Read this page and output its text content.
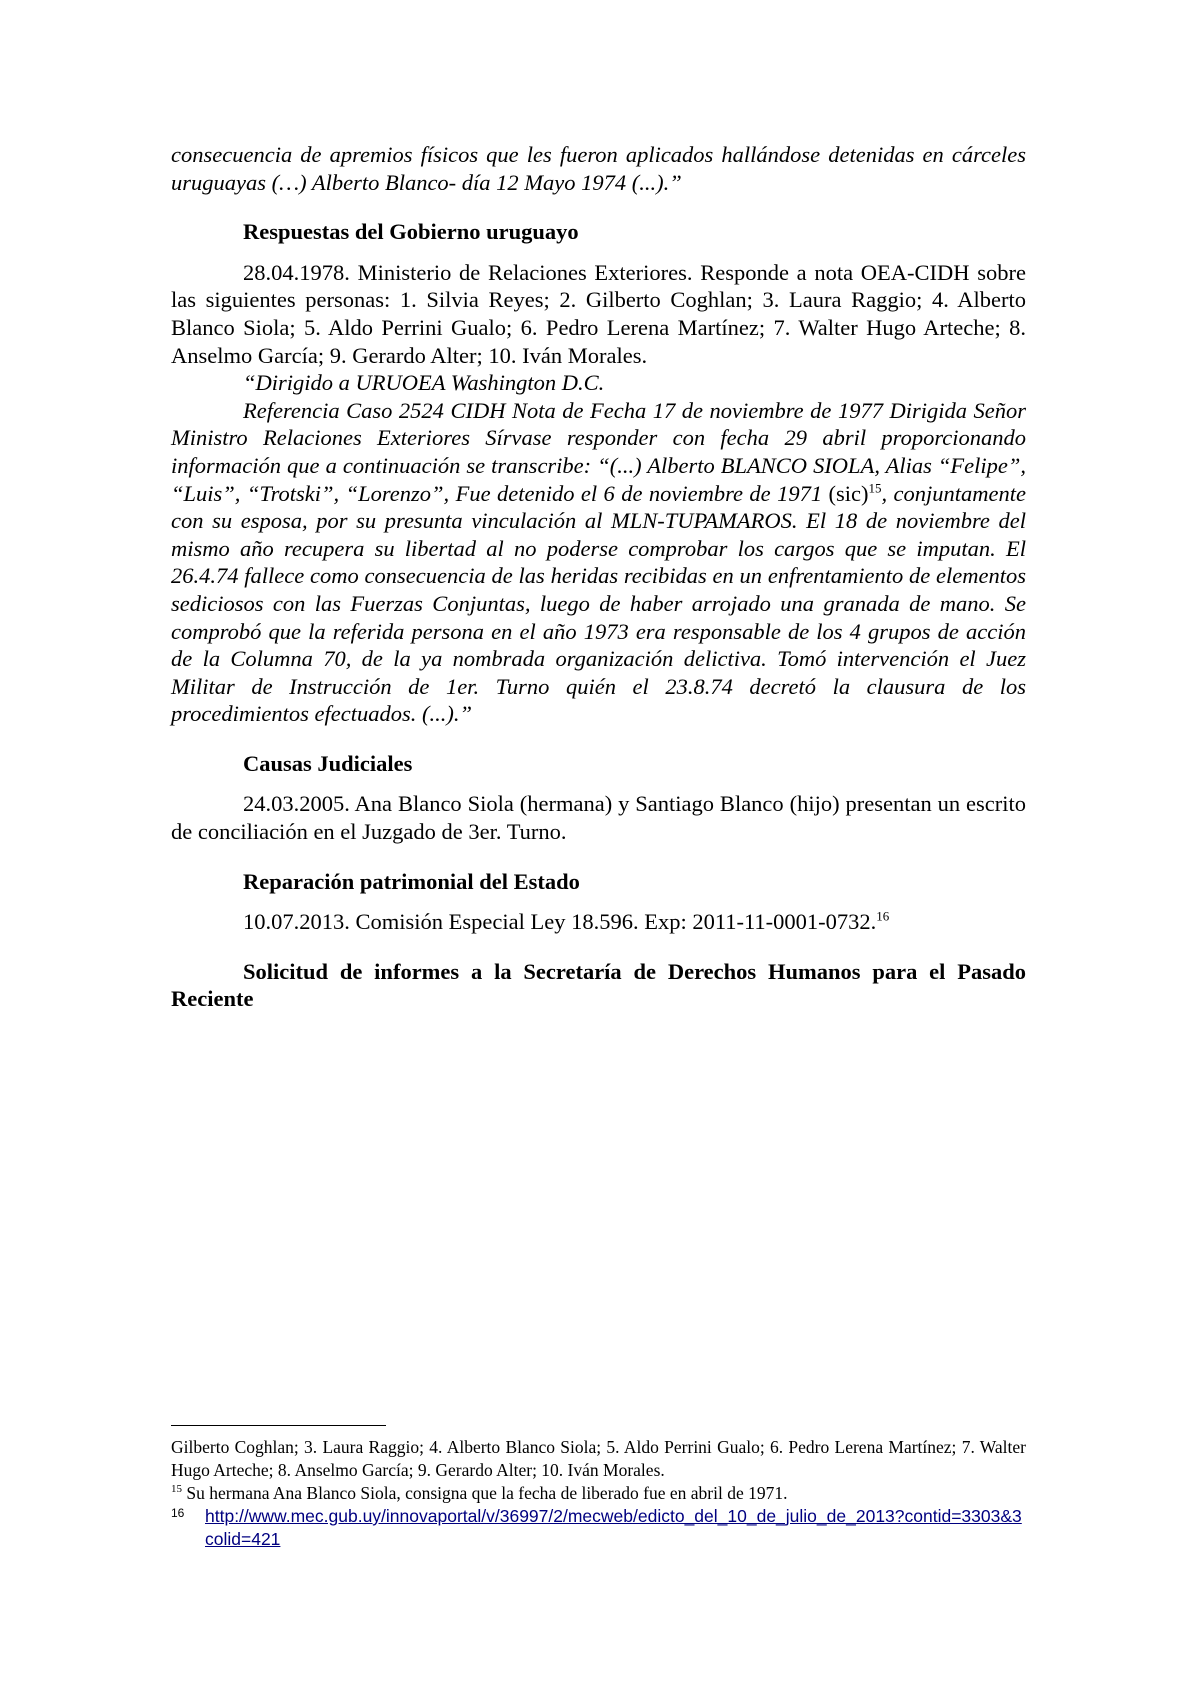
consecuencia de apremios físicos que les fueron aplicados hallándose detenidas en cárceles uruguayas (…) Alberto Blanco- día 12 Mayo 1974 (...).”

Respuestas del Gobierno uruguayo

28.04.1978. Ministerio de Relaciones Exteriores. Responde a nota OEA-CIDH sobre las siguientes personas: 1. Silvia Reyes; 2. Gilberto Coghlan; 3. Laura Raggio; 4. Alberto Blanco Siola; 5. Aldo Perrini Gualo; 6. Pedro Lerena Martínez; 7. Walter Hugo Arteche; 8. Anselmo García; 9. Gerardo Alter; 10. Iván Morales.

“Dirigido a URUOEA Washington D.C.

Referencia Caso 2524 CIDH Nota de Fecha 17 de noviembre de 1977 Dirigida Señor Ministro Relaciones Exteriores Sírvase responder con fecha 29 abril proporcionando información que a continuación se transcribe: “(...) Alberto BLANCO SIOLA, Alias “Felipe”, “Luis”, “Trotski”, “Lorenzo”, Fue detenido el 6 de noviembre de 1971 (sic)$^{15}$, conjuntamente con su esposa, por su presunta vinculación al MLN-TUPAMAROS. El 18 de noviembre del mismo año recupera su libertad al no poderse comprobar los cargos que se imputan. El 26.4.74 fallece como consecuencia de las heridas recibidas en un enfrentamiento de elementos sediciosos con las Fuerzas Conjuntas, luego de haber arrojado una granada de mano. Se comprobó que la referida persona en el año 1973 era responsable de los 4 grupos de acción de la Columna 70, de la ya nombrada organización delictiva. Tomó intervención el Juez Militar de Instrucción de 1er. Turno quién el 23.8.74 decretó la clausura de los procedimientos efectuados. (...).”

Causas Judiciales

24.03.2005. Ana Blanco Siola (hermana) y Santiago Blanco (hijo) presentan un escrito de conciliación en el Juzgado de 3er. Turno.

Reparación patrimonial del Estado

10.07.2013. Comisión Especial Ley 18.596. Exp: 2011-11-0001-0732.16

Solicitud de informes a la Secretaría de Derechos Humanos para el Pasado Reciente

Gilberto Coghlan; 3. Laura Raggio; 4. Alberto Blanco Siola; 5. Aldo Perrini Gualo; 6. Pedro Lerena Martínez; 7. Walter Hugo Arteche; 8. Anselmo García; 9. Gerardo Alter; 10. Iván Morales.

$^{15}$ Su hermana Ana Blanco Siola, consigna que la fecha de liberado fue en abril de 1971.

16	http://www.mec.gub.uy/innovaportal/v/36997/2/mecweb/edicto_del_10_de_julio_de_2013?contid=3303&3colid=421
